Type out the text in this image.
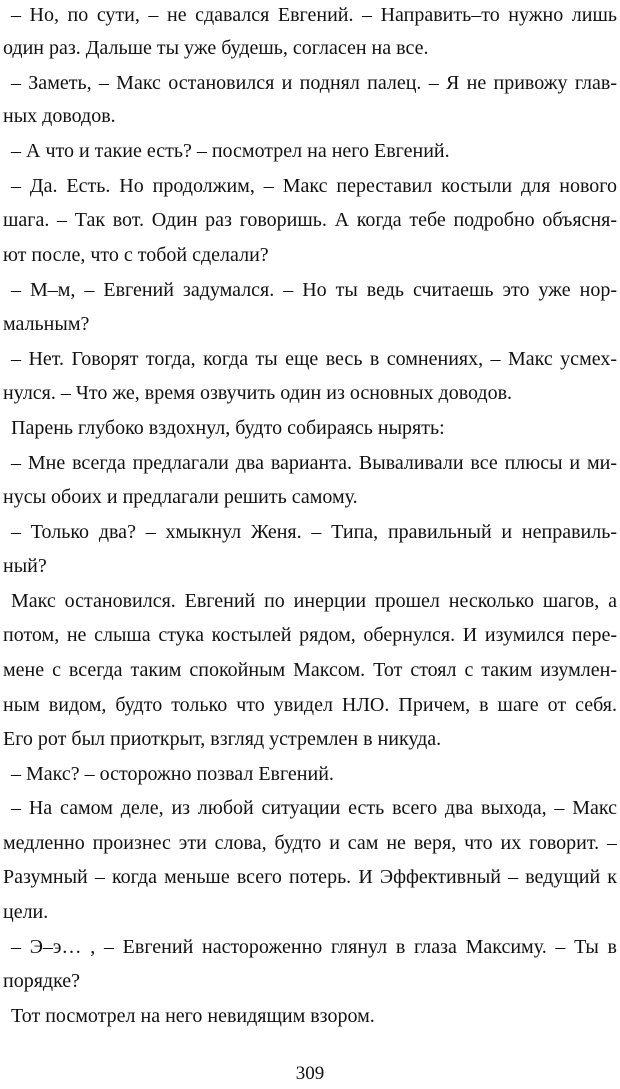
– Но, по сути, – не сдавался Евгений. – Направить–то нужно лишь
один раз. Дальше ты уже будешь, согласен на все.
– Заметь, – Макс остановился и поднял палец. – Я не привожу глав-
ных доводов.
– А что и такие есть? – посмотрел на него Евгений.
– Да. Есть. Но продолжим, – Макс переставил костыли для нового
шага. – Так вот. Один раз говоришь. А когда тебе подробно объясня-
ют после, что с тобой сделали?
– М–м, – Евгений задумался. – Но ты ведь считаешь это уже нор-
мальным?
– Нет. Говорят тогда, когда ты еще весь в сомнениях, – Макс усмех-
нулся. – Что же, время озвучить один из основных доводов.
Парень глубоко вздохнул, будто собираясь нырять:
– Мне всегда предлагали два варианта. Вываливали все плюсы и ми-
нусы обоих и предлагали решить самому.
– Только два? – хмыкнул Женя. – Типа, правильный и неправиль-
ный?
Макс остановился. Евгений по инерции прошел несколько шагов, а
потом, не слыша стука костылей рядом, обернулся. И изумился пере-
мене с всегда таким спокойным Максом. Тот стоял с таким изумлен-
ным видом, будто только что увидел НЛО. Причем, в шаге от себя.
Его рот был приоткрыт, взгляд устремлен в никуда.
– Макс? – осторожно позвал Евгений.
– На самом деле, из любой ситуации есть всего два выхода, – Макс
медленно произнес эти слова, будто и сам не веря, что их говорит. –
Разумный – когда меньше всего потерь. И Эффективный – ведущий к
цели.
– Э–э… , – Евгений настороженно глянул в глаза Максиму. – Ты в
порядке?
Тот посмотрел на него невидящим взором.
309
